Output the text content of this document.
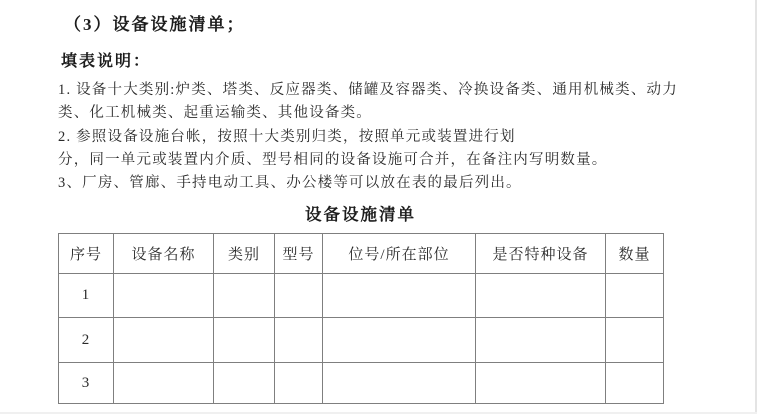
（3）设备设施清单；
填表说明：
1. 设备十大类别:炉类、塔类、反应器类、储罐及容器类、冷换设备类、通用机械类、动力
类、化工机械类、起重运输类、其他设备类。
2. 参照设备设施台帐，按照十大类别归类，按照单元或装置进行划
分，同一单元或装置内介质、型号相同的设备设施可合并，在备注内写明数量。
3、厂房、管廊、手持电动工具、办公楼等可以放在表的最后列出。
设备设施清单
序号	设备名称	类别	型号	位号/所在部位	是否特种设备	数量
1						
2						
3						
